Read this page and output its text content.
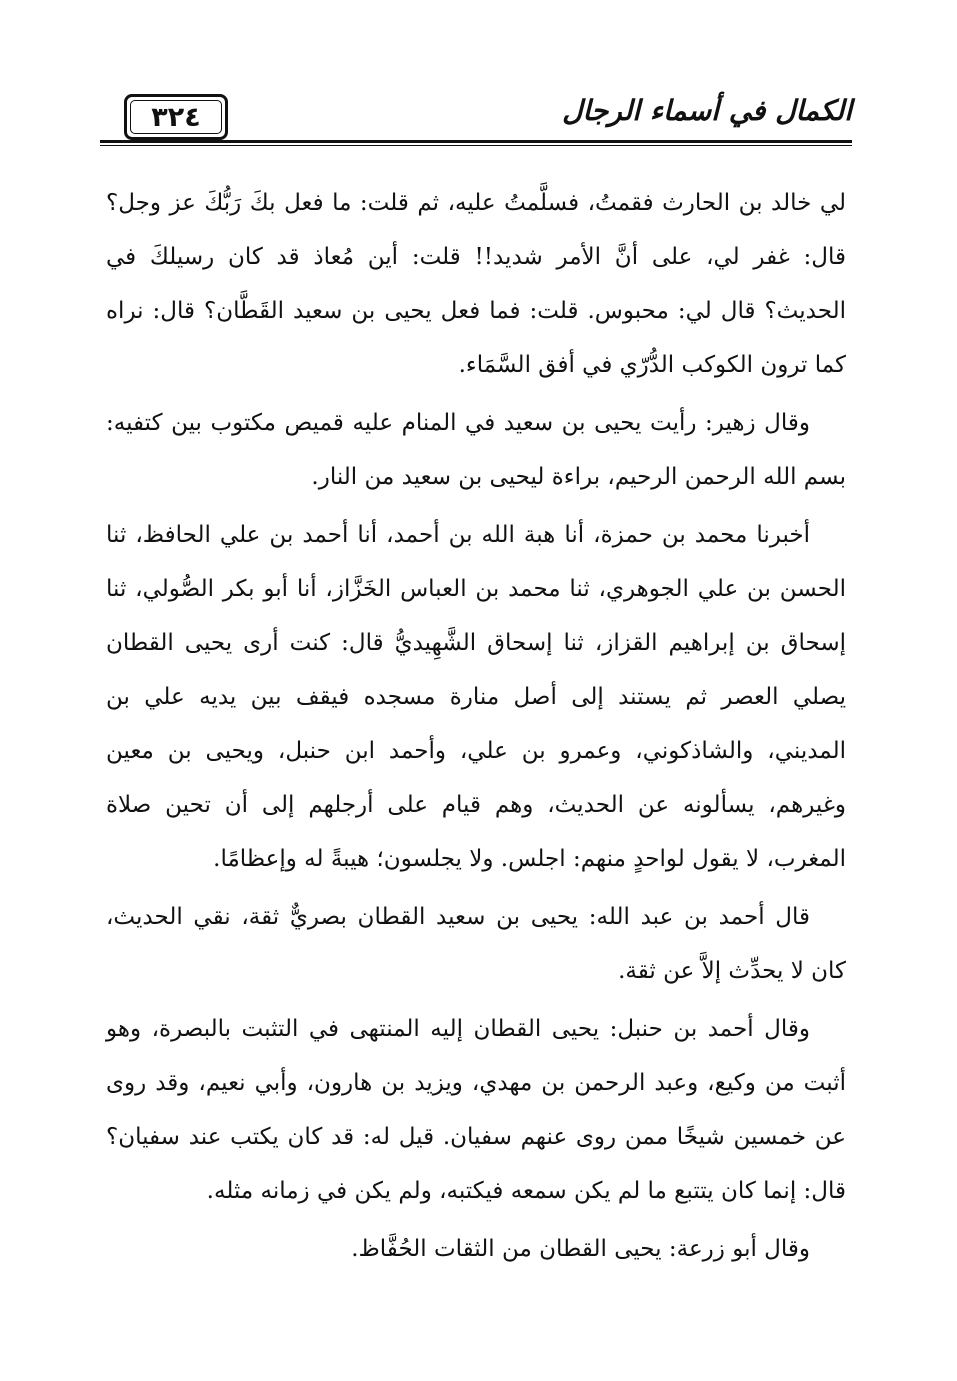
٣٢٤	الكمال في أسماء الرجال

لي خالد بن الحارث فقمتُ، فسلَّمتُ عليه، ثم قلت: ما فعل بكَ رَبُّكَ عز وجل؟ قال: غفر لي، على أنَّ الأمر شديد!! قلت: أين مُعاذ قد كان رسيلكَ في الحديث؟ قال لي: محبوس. قلت: فما فعل يحيى بن سعيد القَطَّان؟ قال: نراه كما ترون الكوكب الدُّرّي في أفق السَّمَاء.

وقال زهير: رأيت يحيى بن سعيد في المنام عليه قميص مكتوب بين كتفيه: بسم الله الرحمن الرحيم، براءة ليحيى بن سعيد من النار.

أخبرنا محمد بن حمزة، أنا هبة الله بن أحمد، أنا أحمد بن علي الحافظ، ثنا الحسن بن علي الجوهري، ثنا محمد بن العباس الخَزَّاز، أنا أبو بكر الصُّولي، ثنا إسحاق بن إبراهيم القزاز، ثنا إسحاق الشَّهِيديُّ قال: كنت أرى يحيى القطان يصلي العصر ثم يستند إلى أصل منارة مسجده فيقف بين يديه علي بن المديني، والشاذكوني، وعمرو بن علي، وأحمد ابن حنبل، ويحيى بن معين وغيرهم، يسألونه عن الحديث، وهم قيام على أرجلهم إلى أن تحين صلاة المغرب، لا يقول لواحدٍ منهم: اجلس. ولا يجلسون؛ هيبةً له وإعظامًا.

قال أحمد بن عبد الله: يحيى بن سعيد القطان بصريٌّ ثقة، نقي الحديث، كان لا يحدِّث إلاَّ عن ثقة.

وقال أحمد بن حنبل: يحيى القطان إليه المنتهى في التثبت بالبصرة، وهو أثبت من وكيع، وعبد الرحمن بن مهدي، ويزيد بن هارون، وأبي نعيم، وقد روى عن خمسين شيخًا ممن روى عنهم سفيان. قيل له: قد كان يكتب عند سفيان؟ قال: إنما كان يتتبع ما لم يكن سمعه فيكتبه، ولم يكن في زمانه مثله.

وقال أبو زرعة: يحيى القطان من الثقات الحُفَّاظ.
